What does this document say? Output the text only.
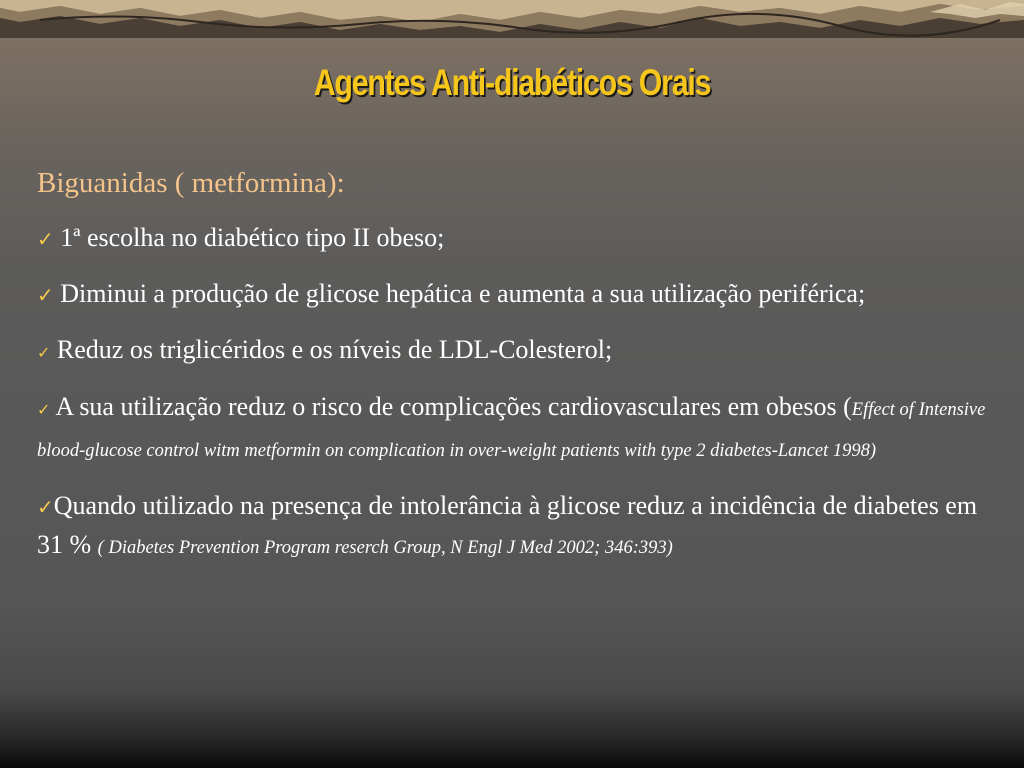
Agentes Anti-diabéticos Orais
Biguanidas ( metformina):
✓ 1ª escolha no diabético tipo II obeso;
✓ Diminui a produção de glicose hepática e aumenta a sua utilização periférica;
✓ Reduz os triglicéridos e os níveis de LDL-Colesterol;
✓ A sua utilização reduz o risco de complicações cardiovasculares em obesos (Effect of Intensive blood-glucose control witm metformin on complication in over-weight patients with type 2 diabetes-Lancet 1998)
✓Quando utilizado na presença de intolerância à glicose reduz a incidência de diabetes em 31 % ( Diabetes Prevention Program reserch Group, N Engl J Med 2002; 346:393)
